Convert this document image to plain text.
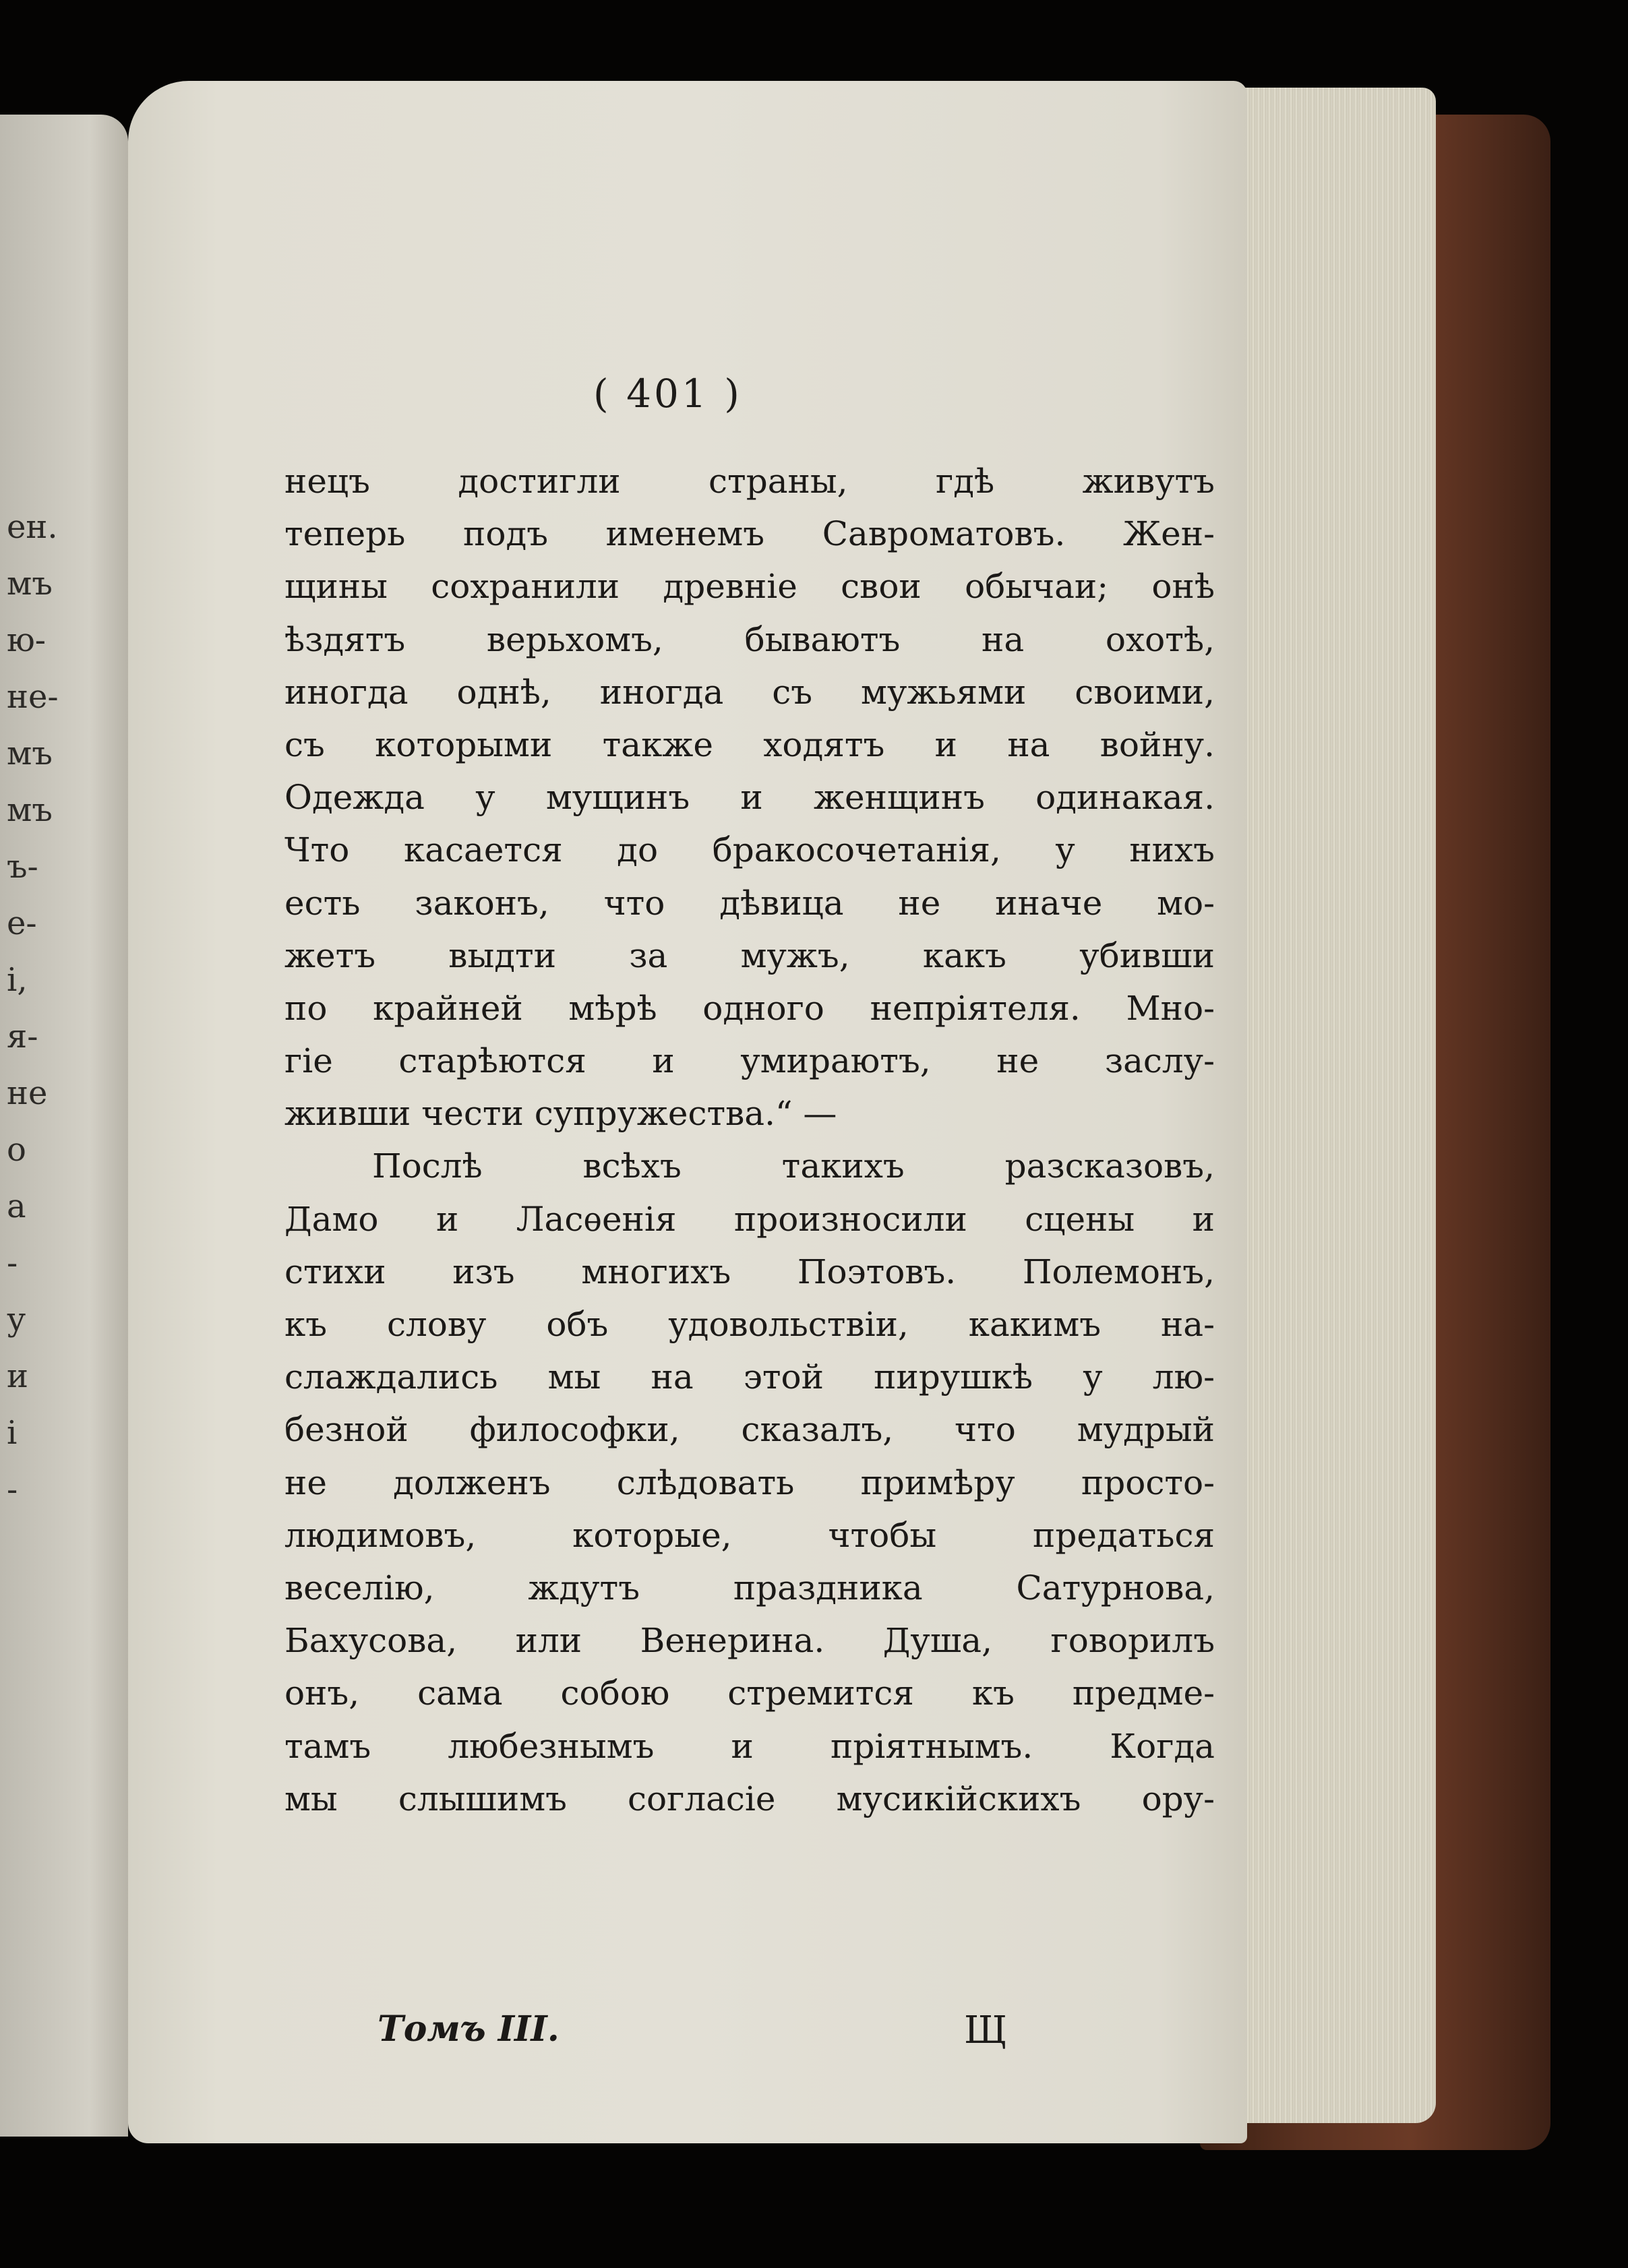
ен.
мъ
ю-
не-
мъ
мъ
ъ-
е-
і,
я-
не
о
а
-
у
и
і
-
( 401 )
нецъ достигли страны, гдѣ живутъ
теперь подъ именемъ Савроматовъ. Жен-
щины сохранили древніе свои обычаи; онѣ
ѣздятъ верьхомъ, бываютъ на охотѣ,
иногда однѣ, иногда съ мужьями своими,
съ которыми также ходятъ и на войну.
Одежда у мущинъ и женщинъ одинакая.
Что касается до бракосочетанія, у нихъ
есть законъ, что дѣвица не иначе мо-
жетъ выдти за мужъ, какъ убивши
по крайней мѣрѣ одного непріятеля. Мно-
гіе старѣются и умираютъ, не заслу-
живши чести супружества.“ —
Послѣ всѣхъ такихъ разсказовъ,
Дамо и Ласѳенія произносили сцены и
стихи изъ многихъ Поэтовъ. Полемонъ,
къ слову объ удовольствіи, какимъ на-
слаждались мы на этой пирушкѣ у лю-
безной философки, сказалъ, что мудрый
не долженъ слѣдовать примѣру просто-
людимовъ, которые, чтобы предаться
веселію, ждутъ праздника Сатурнова,
Бахусова, или Венерина. Душа, говорилъ
онъ, сама собою стремится къ предме-
тамъ любезнымъ и пріятнымъ. Когда
мы слышимъ согласіе мусикійскихъ ору-
Томъ III.	Щ
